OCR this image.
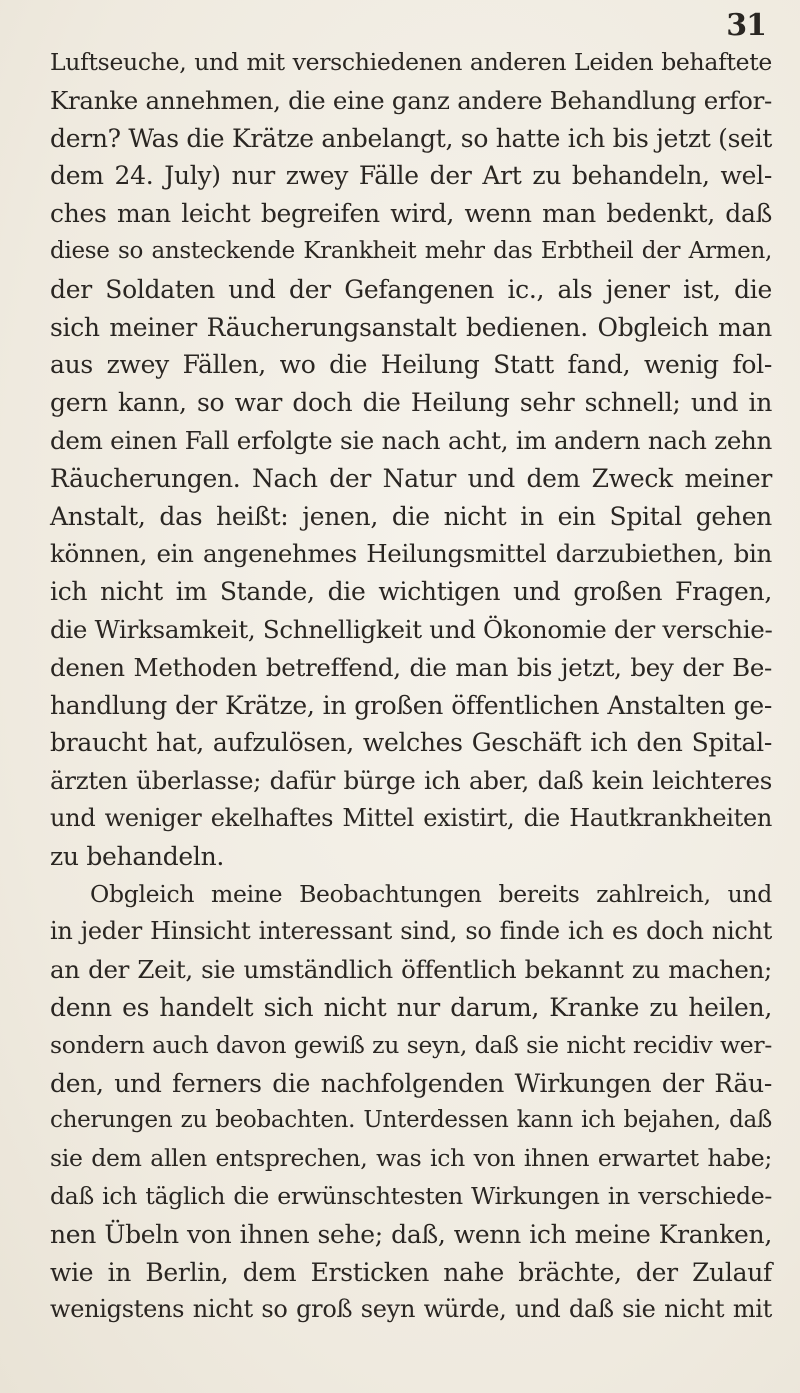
31
Luftseuche, und mit verschiedenen anderen Leiden behaftete
Kranke annehmen, die eine ganz andere Behandlung erfor-
dern? Was die Krätze anbelangt, so hatte ich bis jetzt (seit
dem 24. July) nur zwey Fälle der Art zu behandeln, wel-
ches man leicht begreifen wird, wenn man bedenkt, daß
diese so ansteckende Krankheit mehr das Erbtheil der Armen,
der Soldaten und der Gefangenen ic., als jener ist, die
sich meiner Räucherungsanstalt bedienen. Obgleich man
aus zwey Fällen, wo die Heilung Statt fand, wenig fol-
gern kann, so war doch die Heilung sehr schnell; und in
dem einen Fall erfolgte sie nach acht, im andern nach zehn
Räucherungen. Nach der Natur und dem Zweck meiner
Anstalt, das heißt: jenen, die nicht in ein Spital gehen
können, ein angenehmes Heilungsmittel darzubiethen, bin
ich nicht im Stande, die wichtigen und großen Fragen,
die Wirksamkeit, Schnelligkeit und Ökonomie der verschie-
denen Methoden betreffend, die man bis jetzt, bey der Be-
handlung der Krätze, in großen öffentlichen Anstalten ge-
braucht hat, aufzulösen, welches Geschäft ich den Spital-
ärzten überlasse; dafür bürge ich aber, daß kein leichteres
und weniger ekelhaftes Mittel existirt, die Hautkrankheiten
zu behandeln.
Obgleich meine Beobachtungen bereits zahlreich, und
in jeder Hinsicht interessant sind, so finde ich es doch nicht
an der Zeit, sie umständlich öffentlich bekannt zu machen;
denn es handelt sich nicht nur darum, Kranke zu heilen,
sondern auch davon gewiß zu seyn, daß sie nicht recidiv wer-
den, und ferners die nachfolgenden Wirkungen der Räu-
cherungen zu beobachten. Unterdessen kann ich bejahen, daß
sie dem allen entsprechen, was ich von ihnen erwartet habe;
daß ich täglich die erwünschtesten Wirkungen in verschiede-
nen Übeln von ihnen sehe; daß, wenn ich meine Kranken,
wie in Berlin, dem Ersticken nahe brächte, der Zulauf
wenigstens nicht so groß seyn würde, und daß sie nicht mit
